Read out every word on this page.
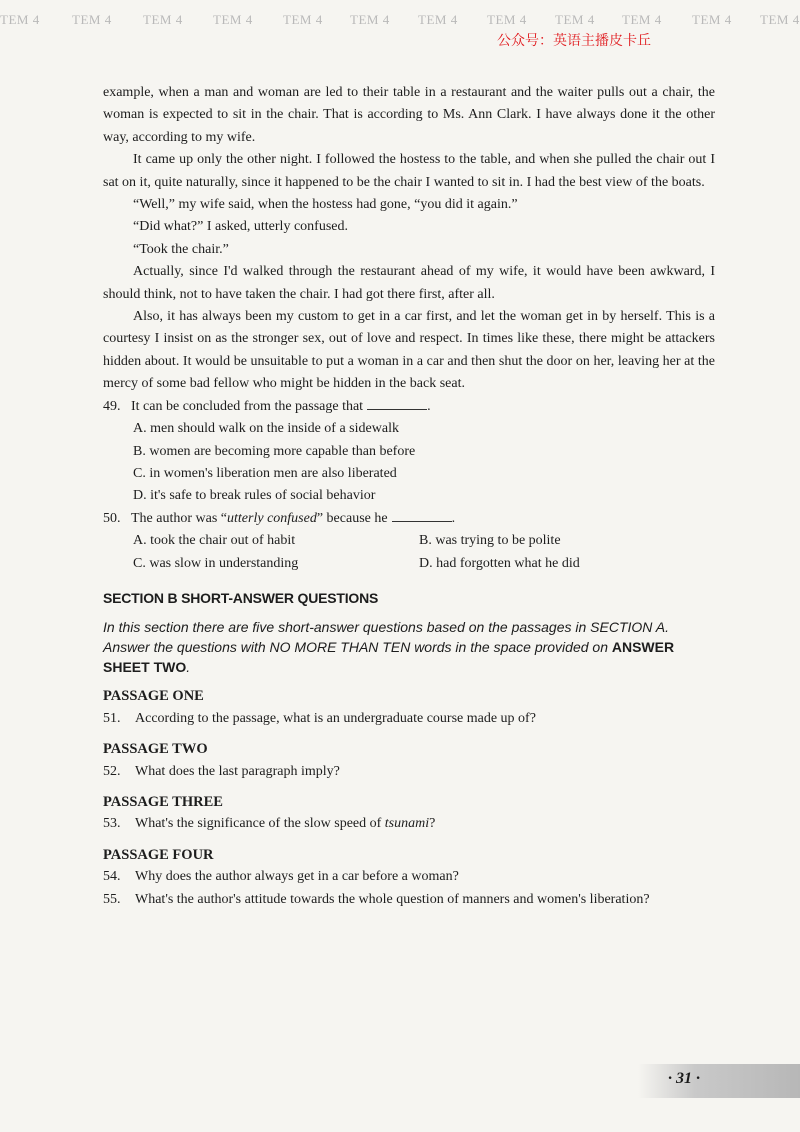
TEM 4 TEM 4 TEM 4 TEM 4 TEM 4 TEM 4 TEM 4 TEM 4 TEM 4 TEM 4 TEM 4 TEM 4
公众号：英语主播皮卡丘

example, when a man and woman are led to their table in a restaurant and the waiter pulls out a chair, the woman is expected to sit in the chair. That is according to Ms. Ann Clark. I have always done it the other way, according to my wife.

It came up only the other night. I followed the hostess to the table, and when she pulled the chair out I sat on it, quite naturally, since it happened to be the chair I wanted to sit in. I had the best view of the boats.

“Well,” my wife said, when the hostess had gone, “you did it again.”

“Did what?” I asked, utterly confused.

“Took the chair.”

Actually, since I'd walked through the restaurant ahead of my wife, it would have been awkward, I should think, not to have taken the chair. I had got there first, after all.

Also, it has always been my custom to get in a car first, and let the woman get in by herself. This is a courtesy I insist on as the stronger sex, out of love and respect. In times like these, there might be attackers hidden about. It would be unsuitable to put a woman in a car and then shut the door on her, leaving her at the mercy of some bad fellow who might be hidden in the back seat.

49. It can be concluded from the passage that	.
A. men should walk on the inside of a sidewalk
B. women are becoming more capable than before
C. in women's liberation men are also liberated
D. it's safe to break rules of social behavior
50. The author was “utterly confused” because he	.
A. took the chair out of habit	B. was trying to be polite
C. was slow in understanding	D. had forgotten what he did
SECTION B SHORT-ANSWER QUESTIONS
In this section there are five short-answer questions based on the passages in SECTION A. Answer the questions with NO MORE THAN TEN words in the space provided on ANSWER SHEET TWO.
PASSAGE ONE
51.	According to the passage, what is an undergraduate course made up of?
PASSAGE TWO
52.	What does the last paragraph imply?
PASSAGE THREE
53.	What's the significance of the slow speed of tsunami?
PASSAGE FOUR
54.	Why does the author always get in a car before a woman?
55.	What's the author's attitude towards the whole question of manners and women's liberation?
· 31 ·
